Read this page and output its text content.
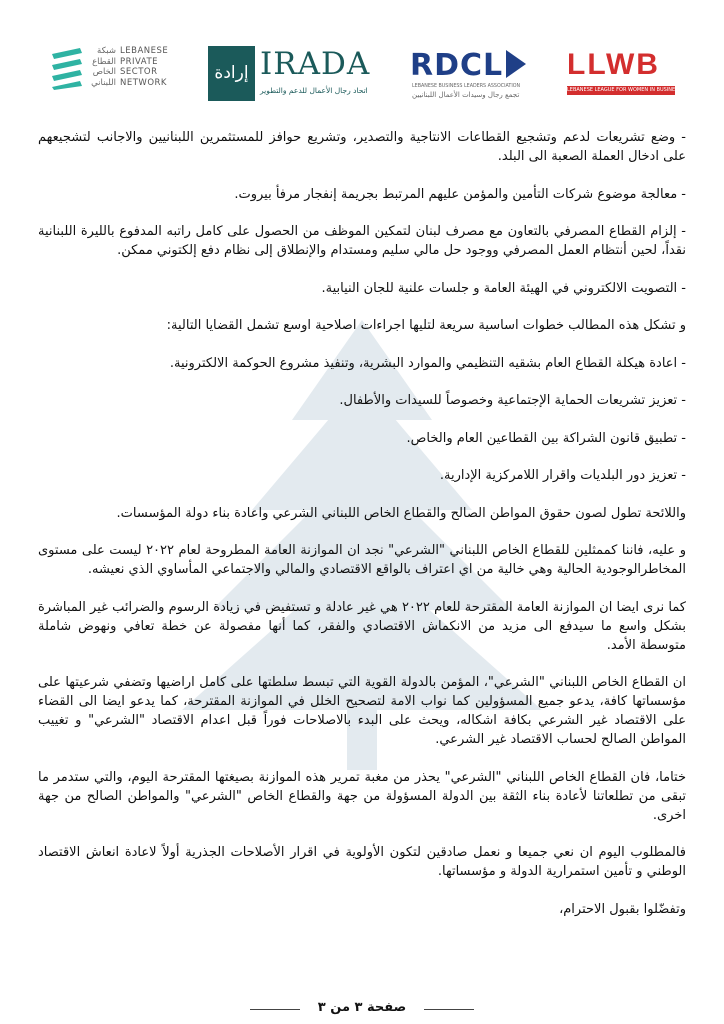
شبكة
القطاع
الخاص
اللبناني
LEBANESE
PRIVATE
SECTOR
NETWORK	إرادة IRADA
اتحاد رجال الأعمال للدعم والتطوير
RDCL
LEBANESE BUSINESS LEADERS ASSOCIATION
تجمع رجال وسيدات الأعمال اللبنانيين
LLWB
LEBANESE LEAGUE FOR WOMEN IN BUSINESS

- وضع تشريعات لدعم وتشجيع القطاعات الانتاجية والتصدير، وتشريع حوافز للمستثمرين اللبنانيين والاجانب لتشجيعهم على ادخال العملة الصعبة الى البلد.

- معالجة موضوع شركات التأمين والمؤمن عليهم المرتبط بجريمة إنفجار مرفأ بيروت.

- إلزام القطاع المصرفي بالتعاون مع مصرف لبنان لتمكين الموظف من الحصول على كامل راتبه المدفوع بالليرة اللبنانية نقداً، لحين أنتظام العمل المصرفي ووجود حل مالي سليم ومستدام والإنطلاق إلى نظام دفع إلكتوني ممكن.

- التصويت الالكتروني في الهيئة العامة و جلسات علنية للجان النيابية.

و تشكل هذه المطالب خطوات اساسية سريعة لتليها اجراءات اصلاحية اوسع تشمل القضايا التالية:

- اعادة هيكلة القطاع العام بشقيه التنظيمي والموارد البشرية، وتنفيذ مشروع الحوكمة الالكترونية.

- تعزيز تشريعات الحماية الإجتماعية وخصوصاً للسيدات والأطفال.

- تطبيق قانون الشراكة بين القطاعين العام والخاص.

- تعزيز دور البلديات واقرار اللامركزية الإدارية.

واللائحة تطول لصون حقوق المواطن الصالح والقطاع الخاص اللبناني الشرعي واعادة بناء دولة المؤسسات.

و عليه، فاننا كممثلين للقطاع الخاص اللبناني "الشرعي" نجد ان الموازنة العامة المطروحة لعام ٢٠٢٢ ليست على مستوى المخاطرالوجودية الحالية وهي خالية من اي اعتراف بالواقع الاقتصادي والمالي والاجتماعي المأساوي الذي نعيشه.

كما نرى ايضا ان الموازنة العامة المقترحة للعام ٢٠٢٢ هي غير عادلة و تستفيض في زيادة الرسوم والضرائب غير المباشرة بشكل واسع ما سيدفع الى مزيد من الانكماش الاقتصادي والفقر، كما أنها مفصولة عن خطة تعافي ونهوض شاملة متوسطة الأمد.

ان القطاع الخاص اللبناني "الشرعي"، المؤمن بالدولة القوية التي تبسط سلطتها على كامل اراضيها وتضفي شرعيتها على مؤسساتها كافة، يدعو جميع المسؤولين كما نواب الامة لتصحيح الخلل في الموازنة المقترحة، كما يدعو ايضا الى القضاء على الاقتصاد غير الشرعي بكافة اشكاله، ويحث على البدء بالاصلاحات فوراً قبل اعدام الاقتصاد "الشرعي" و تغييب المواطن الصالح لحساب الاقتصاد غير الشرعي.

ختاما، فان القطاع الخاص اللبناني "الشرعي" يحذر من مغبة تمرير هذه الموازنة بصيغتها المقترحة اليوم، والتي ستدمر ما تبقى من تطلعاتنا لأعادة بناء الثقة بين الدولة المسؤولة من جهة والقطاع الخاص "الشرعي" والمواطن الصالح من جهة اخرى.

فالمطلوب اليوم ان نعي جميعا و نعمل صادقين لتكون الأولوية في اقرار الأصلاحات الجذرية أولاً لاعادة انعاش الاقتصاد الوطني و تأمين استمرارية الدولة و مؤسساتها.

وتفضّلوا بقبول الاحترام،

صفحة ٣ من ٣
